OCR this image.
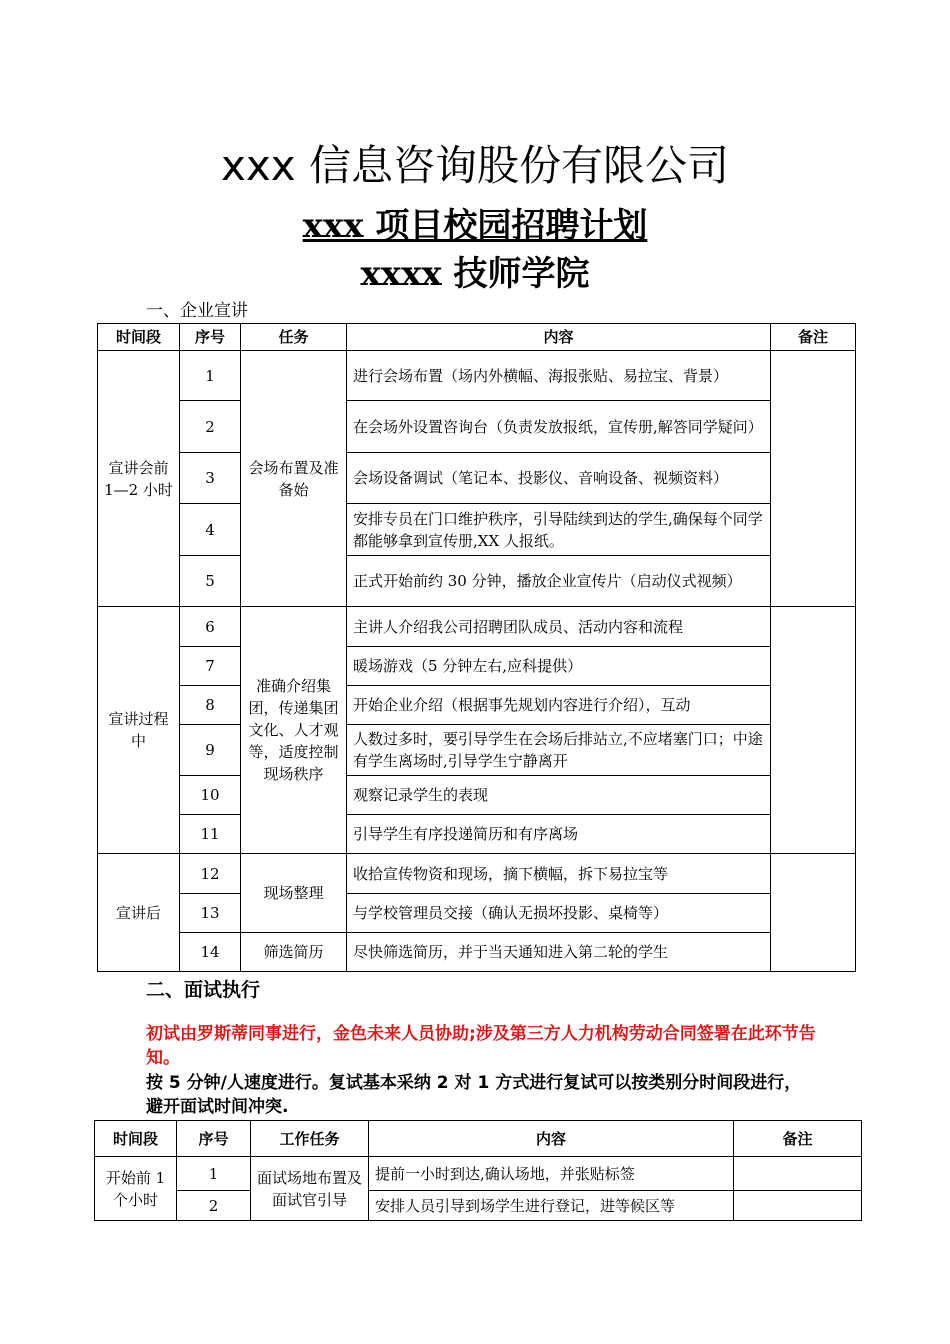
xxx 信息咨询股份有限公司
xxx 项目校园招聘计划
xxxx 技师学院
一、企业宣讲
时间段	序号	任务	内容	备注
宣讲会前 1—2 小时	1	会场布置及准备始	进行会场布置（场内外横幅、海报张贴、易拉宝、背景）	
	2		在会场外设置咨询台（负责发放报纸，宣传册,解答同学疑问）	
	3		会场设备调试（笔记本、投影仪、音响设备、视频资料）	
	4		安排专员在门口维护秩序，引导陆续到达的学生,确保每个同学都能够拿到宣传册,XX 人报纸。	
	5		正式开始前约 30 分钟，播放企业宣传片（启动仪式视频）	
宣讲过程中	6	准确介绍集团，传递集团文化、人才观等，适度控制现场秩序	主讲人介绍我公司招聘团队成员、活动内容和流程	
	7		暖场游戏（5 分钟左右,应科提供）	
	8		开始企业介绍（根据事先规划内容进行介绍），互动	
	9		人数过多时，要引导学生在会场后排站立,不应堵塞门口；中途有学生离场时,引导学生宁静离开	
	10		观察记录学生的表现	
	11		引导学生有序投递简历和有序离场	
宣讲后	12	现场整理	收拾宣传物资和现场，摘下横幅，拆下易拉宝等	
	13		与学校管理员交接（确认无损坏投影、桌椅等）	
	14	筛选简历	尽快筛选简历，并于当天通知进入第二轮的学生	
二、面试执行
初试由罗斯蒂同事进行，金色未来人员协助;涉及第三方人力机构劳动合同签署在此环节告知。
按 5 分钟/人速度进行。复试基本采纳 2 对 1 方式进行复试可以按类别分时间段进行，避开面试时间冲突.
时间段	序号	工作任务	内容	备注
开始前 1 个小时	1	面试场地布置及面试官引导	提前一小时到达,确认场地，并张贴标签	
	2		安排人员引导到场学生进行登记，进等候区等	
